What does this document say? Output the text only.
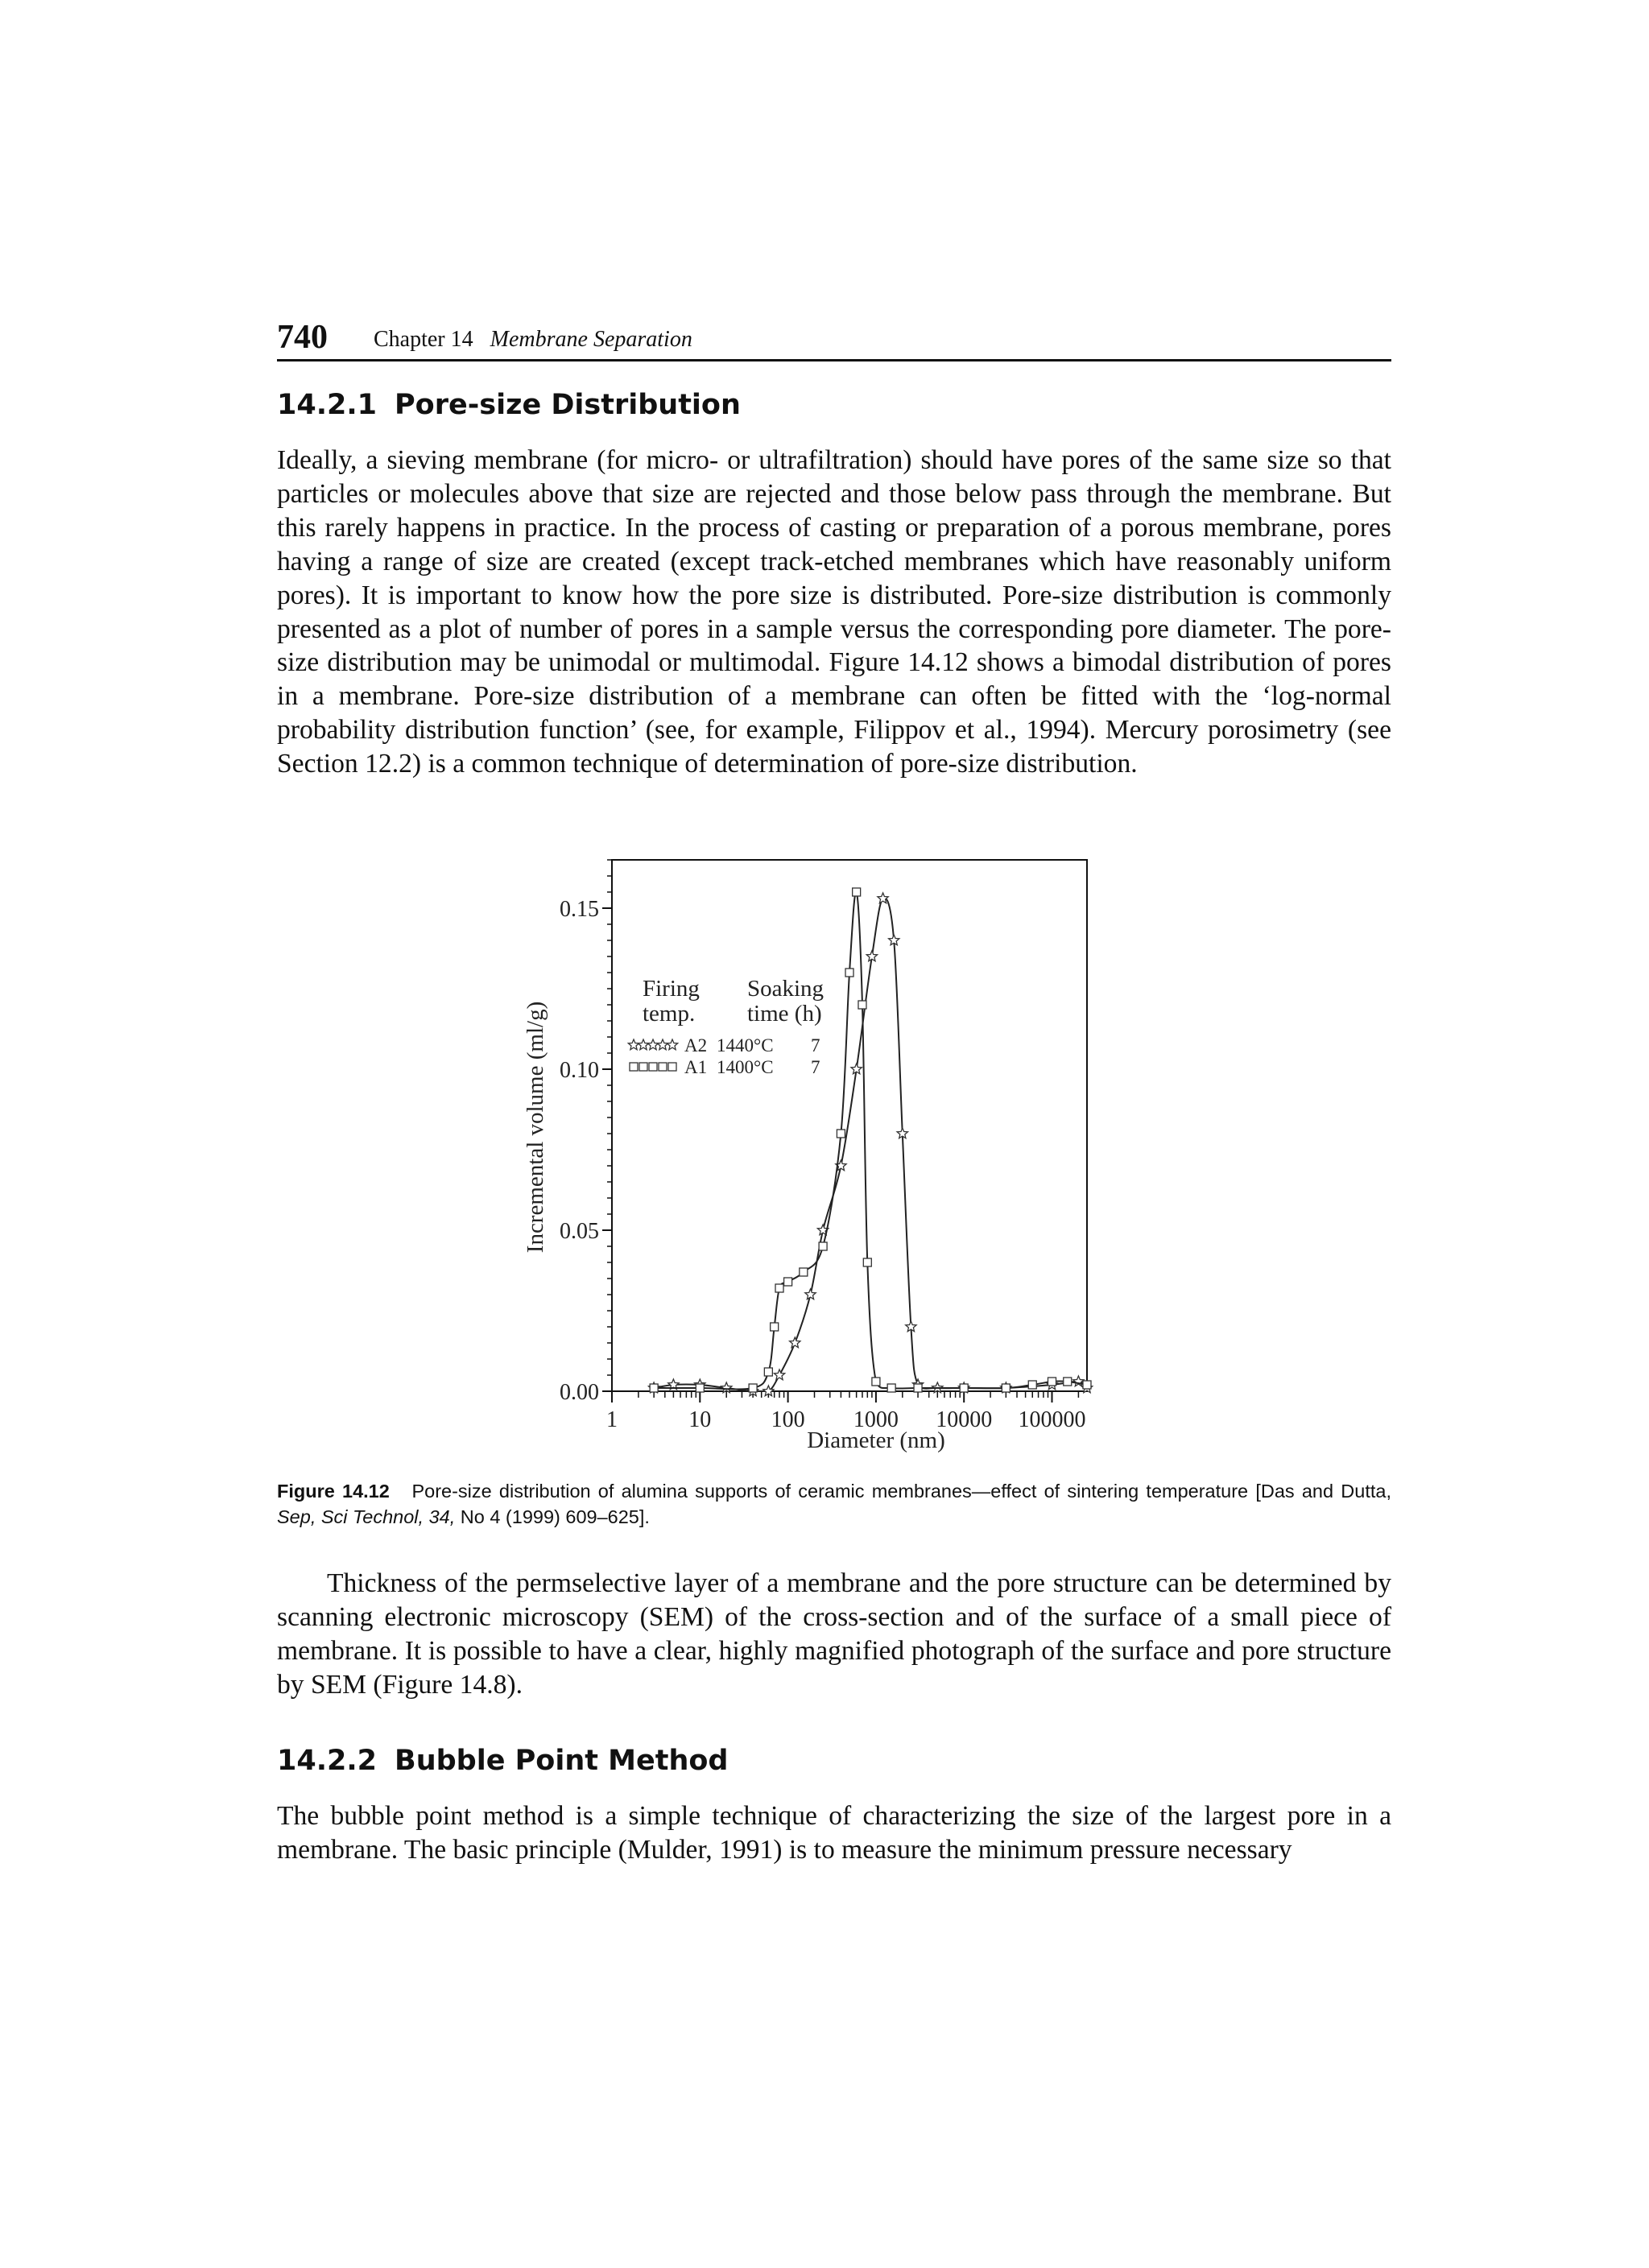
740 Chapter 14 Membrane Separation
14.2.1 Pore-size Distribution
Ideally, a sieving membrane (for micro- or ultrafiltration) should have pores of the same size so that particles or molecules above that size are rejected and those below pass through the membrane. But this rarely happens in practice. In the process of casting or preparation of a porous membrane, pores having a range of size are created (except track-etched membranes which have reasonably uniform pores). It is important to know how the pore size is distributed. Pore-size distribution is commonly presented as a plot of number of pores in a sample versus the corresponding pore diameter. The pore-size distribution may be unimodal or multimodal. Figure 14.12 shows a bimodal distribution of pores in a membrane. Pore-size distribution of a membrane can often be fitted with the ‘log-normal probability distribution function’ (see, for example, Filippov et al., 1994). Mercury porosimetry (see Section 12.2) is a common technique of determination of pore-size distribution.
0.00
0.05
0.10
0.15
1	10	100 1000 10000 100000
Firing
temp.
Soaking
time (h)
A2 1440°C 7
A1 1400°C 7
Diameter (nm)
Incremental volume (ml/g)
Figure 14.12 Pore-size distribution of alumina supports of ceramic membranes—effect of sintering temperature [Das and Dutta, Sep, Sci Technol, 34, No 4 (1999) 609–625].
Thickness of the permselective layer of a membrane and the pore structure can be determined by scanning electronic microscopy (SEM) of the cross-section and of the surface of a small piece of membrane. It is possible to have a clear, highly magnified photograph of the surface and pore structure by SEM (Figure 14.8).
14.2.2 Bubble Point Method
The bubble point method is a simple technique of characterizing the size of the largest pore in a membrane. The basic principle (Mulder, 1991) is to measure the minimum pressure necessary
